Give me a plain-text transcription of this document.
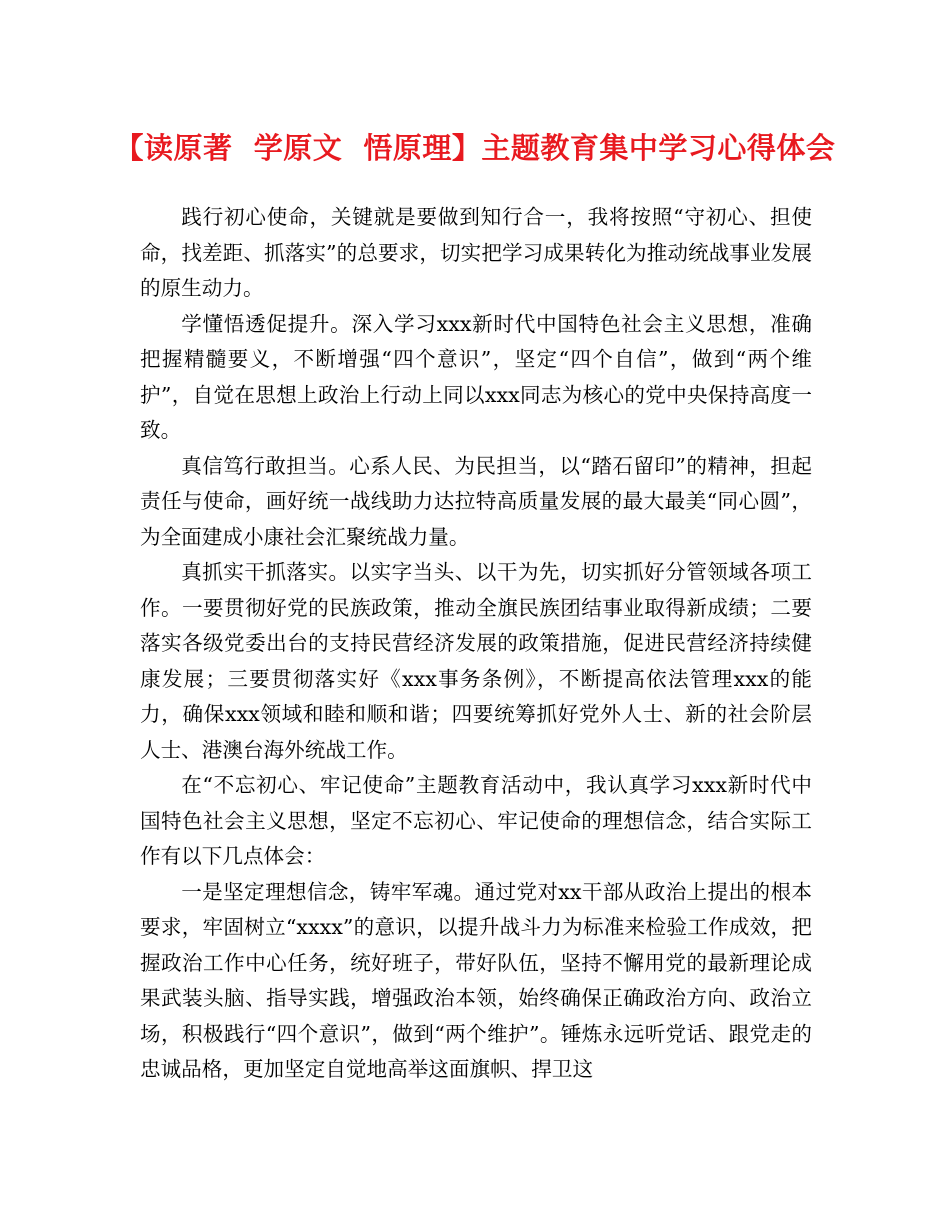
【读原著  学原文  悟原理】主题教育集中学习心得体会

践行初心使命，关键就是要做到知行合一，我将按照“守初心、担使命，找差距、抓落实”的总要求，切实把学习成果转化为推动统战事业发展的原生动力。

学懂悟透促提升。深入学习xxx新时代中国特色社会主义思想，准确把握精髓要义，不断增强“四个意识”，坚定“四个自信”，做到“两个维护”，自觉在思想上政治上行动上同以xxx同志为核心的党中央保持高度一致。

真信笃行敢担当。心系人民、为民担当，以“踏石留印”的精神，担起责任与使命，画好统一战线助力达拉特高质量发展的最大最美“同心圆”，为全面建成小康社会汇聚统战力量。

真抓实干抓落实。以实字当头、以干为先，切实抓好分管领域各项工作。一要贯彻好党的民族政策，推动全旗民族团结事业取得新成绩；二要落实各级党委出台的支持民营经济发展的政策措施，促进民营经济持续健康发展；三要贯彻落实好《xxx事务条例》，不断提高依法管理xxx的能力，确保xxx领域和睦和顺和谐；四要统筹抓好党外人士、新的社会阶层人士、港澳台海外统战工作。

在“不忘初心、牢记使命”主题教育活动中，我认真学习xxx新时代中国特色社会主义思想，坚定不忘初心、牢记使命的理想信念，结合实际工作有以下几点体会：

一是坚定理想信念，铸牢军魂。通过党对xx干部从政治上提出的根本要求，牢固树立“xxxx”的意识，以提升战斗力为标准来检验工作成效，把握政治工作中心任务，统好班子，带好队伍，坚持不懈用党的最新理论成果武装头脑、指导实践，增强政治本领，始终确保正确政治方向、政治立场，积极践行“四个意识”，做到“两个维护”。锤炼永远听党话、跟党走的忠诚品格，更加坚定自觉地高举这面旗帜、捍卫这
